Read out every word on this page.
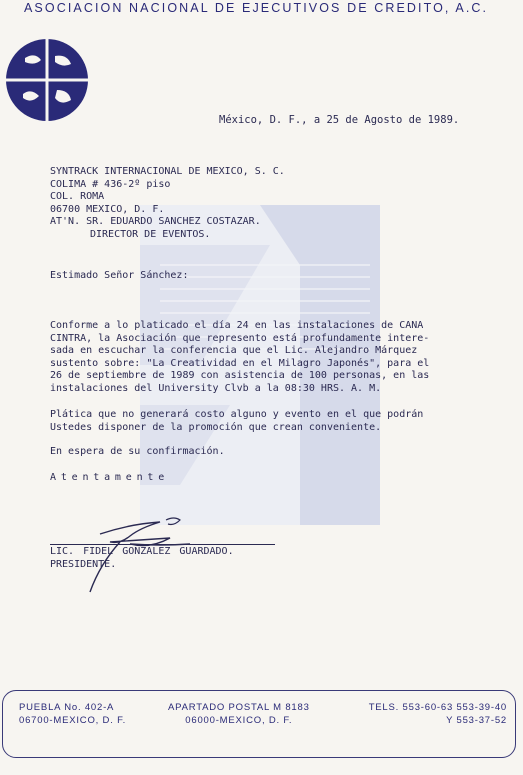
ASOCIACION NACIONAL DE EJECUTIVOS DE CREDITO, A.C.
México, D. F., a 25 de Agosto de 1989.
SYNTRACK INTERNACIONAL DE MEXICO, S. C.
COLIMA # 436-2º piso
COL. ROMA
06700 MEXICO, D. F.
AT'N. SR. EDUARDO SANCHEZ COSTAZAR.
DIRECTOR DE EVENTOS.
Estimado Señor Sánchez:
Conforme a lo platicado el día 24 en las instalaciones de CANA
CINTRA, la Asociación que represento está profundamente intere-
sada en escuchar la conferencia que el Lic. Alejandro Márquez
sustento sobre: "La Creatividad en el Milagro Japonés", para el
26 de septiembre de 1989 con asistencia de 100 personas, en las
instalaciones del University Clvb a la 08:30 HRS. A. M.
Plática que no generará costo alguno y evento en el que podrán
Ustedes disponer de la promoción que crean conveniente.
En espera de su confirmación.
Atentamente
LIC. FIDEL GONZALEZ GUARDADO.
PRESIDENTE.
PUEBLA No. 402-A
06700-MEXICO, D. F.
APARTADO POSTAL M 8183
06000-MEXICO, D. F.
TELS. 553-60-63 553-39-40
Y 553-37-52
